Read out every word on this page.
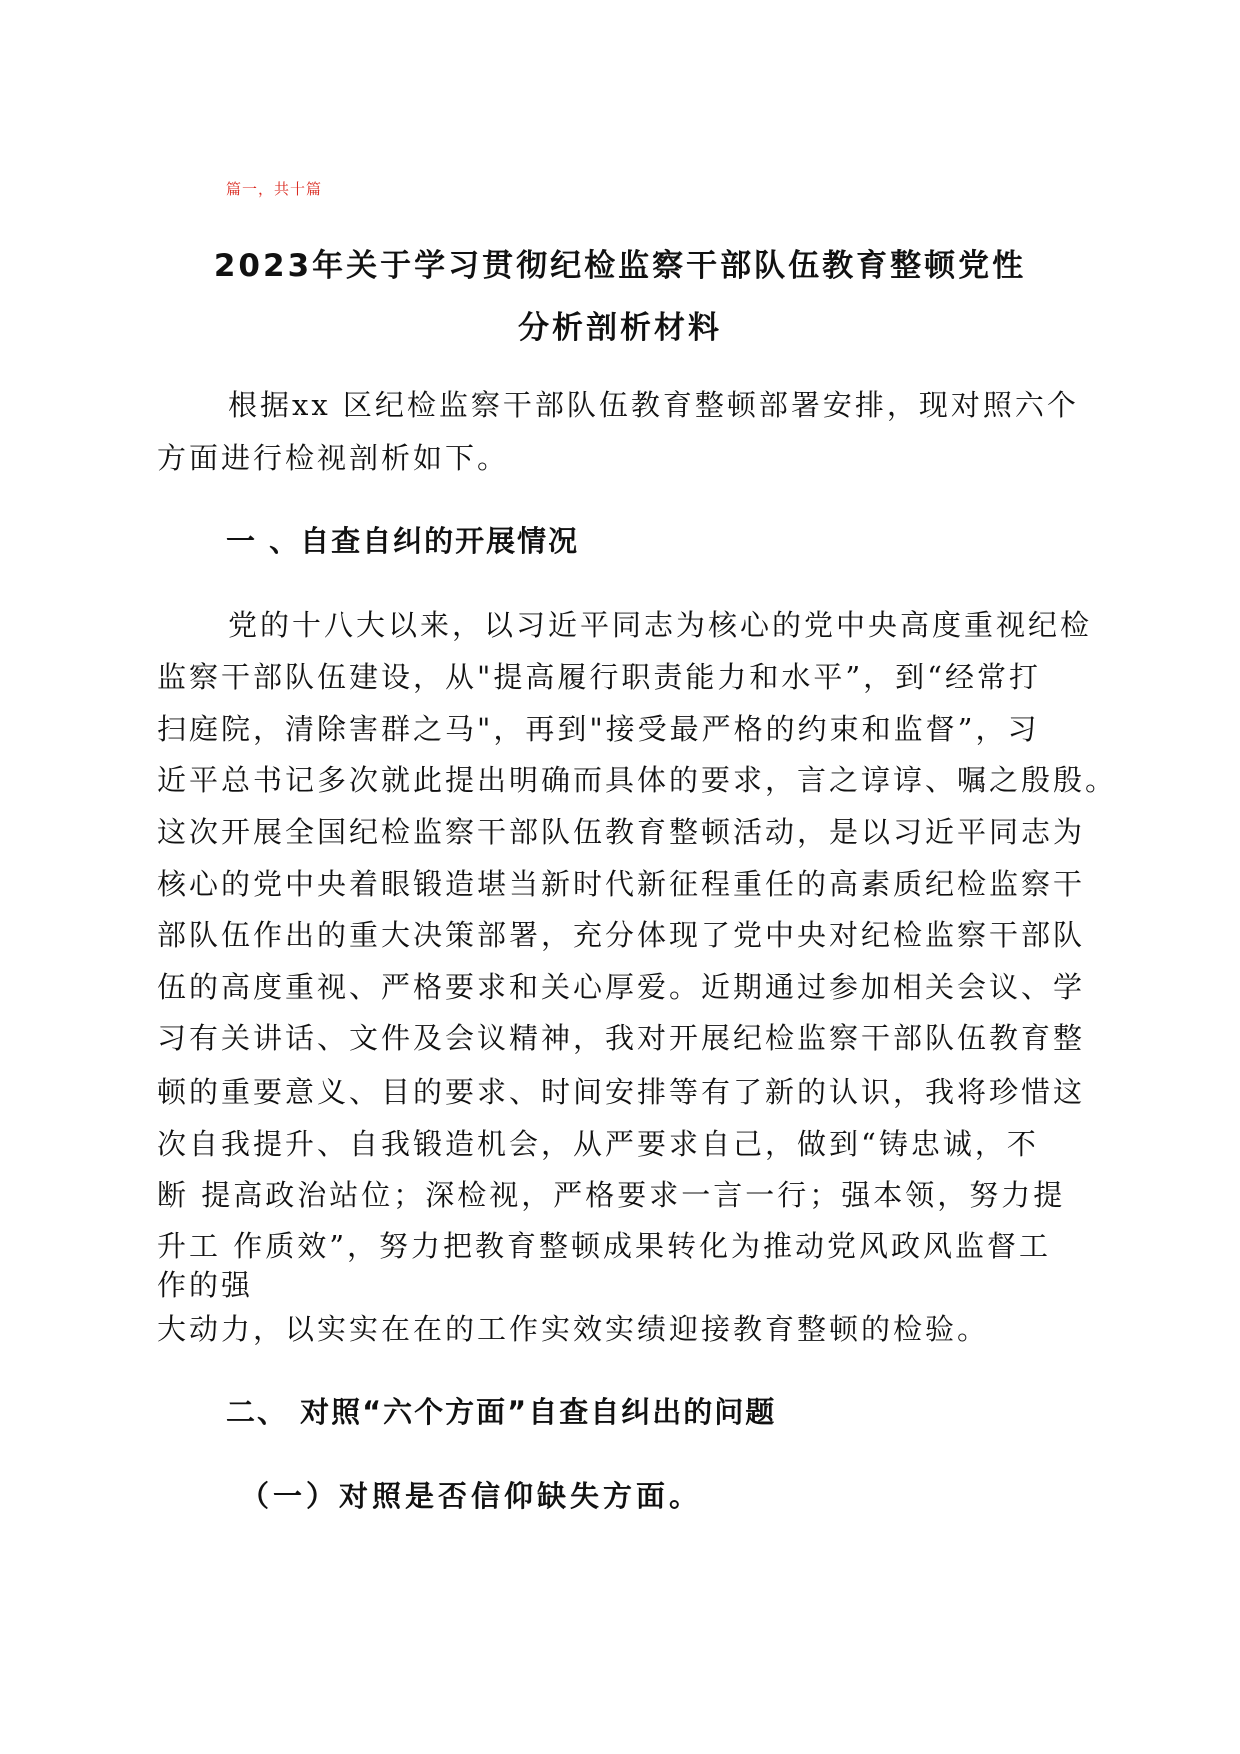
篇一，共十篇
2023年关于学习贯彻纪检监察干部队伍教育整顿党性
分析剖析材料
根据xx 区纪检监察干部队伍教育整顿部署安排，现对照六个
方面进行检视剖析如下。
一 、自查自纠的开展情况
党的十八大以来，以习近平同志为核心的党中央高度重视纪检
监察干部队伍建设，从"提高履行职责能力和水平”，到“经常打
扫庭院，清除害群之马"，再到"接受最严格的约束和监督”，习
近平总书记多次就此提出明确而具体的要求，言之谆谆、嘱之殷殷。
这次开展全国纪检监察干部队伍教育整顿活动，是以习近平同志为
核心的党中央着眼锻造堪当新时代新征程重任的高素质纪检监察干
部队伍作出的重大决策部署，充分体现了党中央对纪检监察干部队
伍的高度重视、严格要求和关心厚爱。近期通过参加相关会议、学
习有关讲话、文件及会议精神，我对开展纪检监察干部队伍教育整
顿的重要意义、目的要求、时间安排等有了新的认识，我将珍惜这
次自我提升、自我锻造机会，从严要求自己，做到“铸忠诚，不
断 提高政治站位；深检视，严格要求一言一行；强本领，努力提
升工 作质效”，努力把教育整顿成果转化为推动党风政风监督工
作的强
大动力，以实实在在的工作实效实绩迎接教育整顿的检验。
二、 对照“六个方面”自查自纠出的问题
（一）对照是否信仰缺失方面。
